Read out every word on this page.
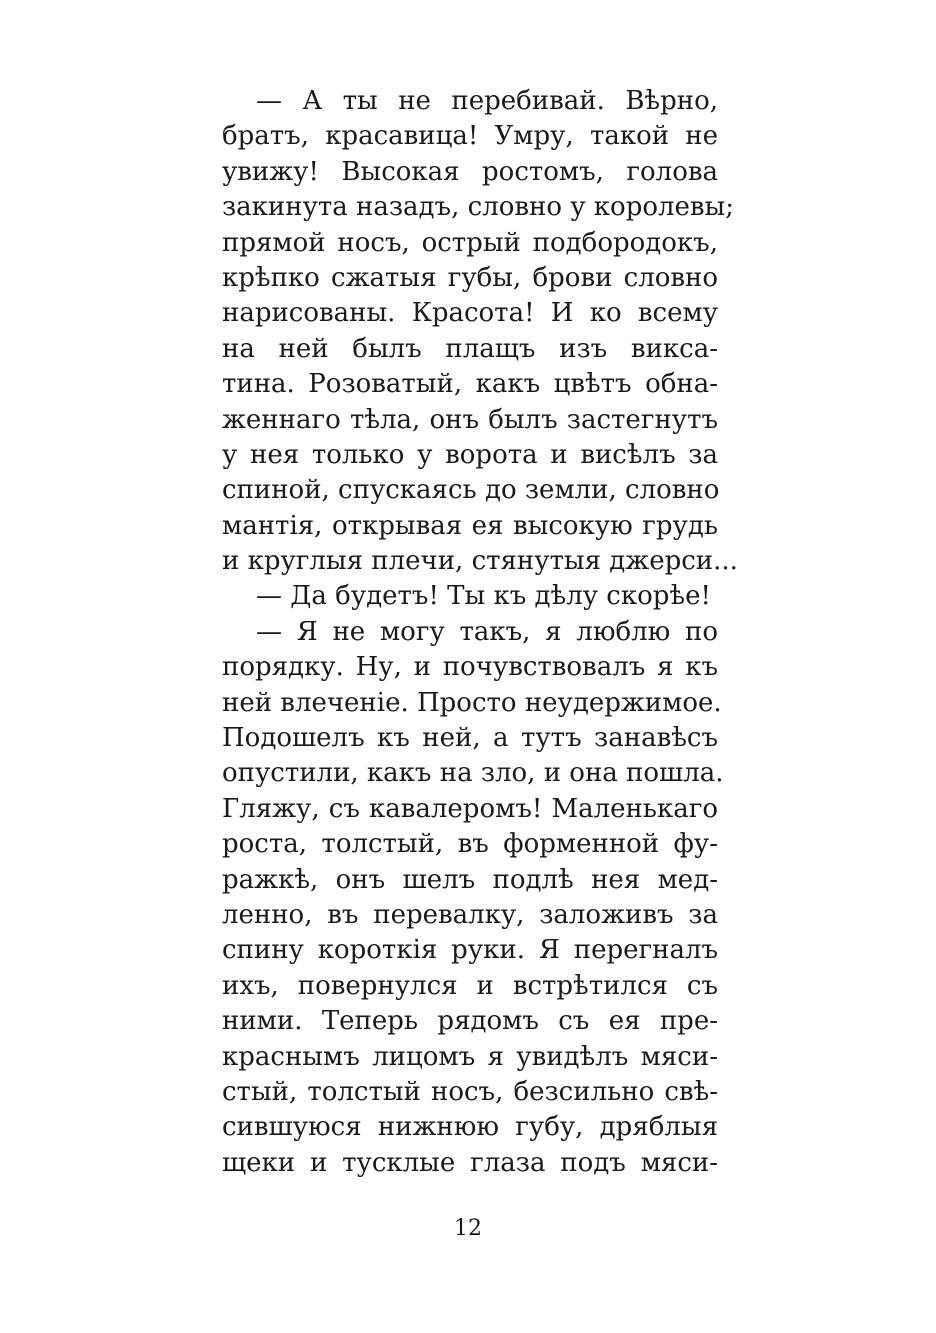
— А ты не перебивай. Вѣрно,
братъ, красавица! Умру, такой не
увижу! Высокая ростомъ, голова
закинута назадъ, словно у королевы;
прямой носъ, острый подбородокъ,
крѣпко сжатыя губы, брови словно
нарисованы. Красота! И ко всему
на ней былъ плащъ изъ викса-
тина. Розоватый, какъ цвѣтъ обна-
женнаго тѣла, онъ былъ застегнутъ
у нея только у ворота и висѣлъ за
спиной, спускаясь до земли, словно
мантія, открывая ея высокую грудь
и круглыя плечи, стянутыя джерси...
— Да будетъ! Ты къ дѣлу скорѣе!
— Я не могу такъ, я люблю по
порядку. Ну, и почувствовалъ я къ
ней влеченіе. Просто неудержимое.
Подошелъ къ ней, а тутъ занавѣсъ
опустили, какъ на зло, и она пошла.
Гляжу, съ кавалеромъ! Маленькаго
роста, толстый, въ форменной фу-
ражкѣ, онъ шелъ подлѣ нея мед-
ленно, въ перевалку, заложивъ за
спину короткія руки. Я перегналъ
ихъ, повернулся и встрѣтился съ
ними. Теперь рядомъ съ ея пре-
краснымъ лицомъ я увидѣлъ мяси-
стый, толстый носъ, безсильно свѣ-
сившуюся нижнюю губу, дряблыя
щеки и тусклые глаза подъ мяси-
12
